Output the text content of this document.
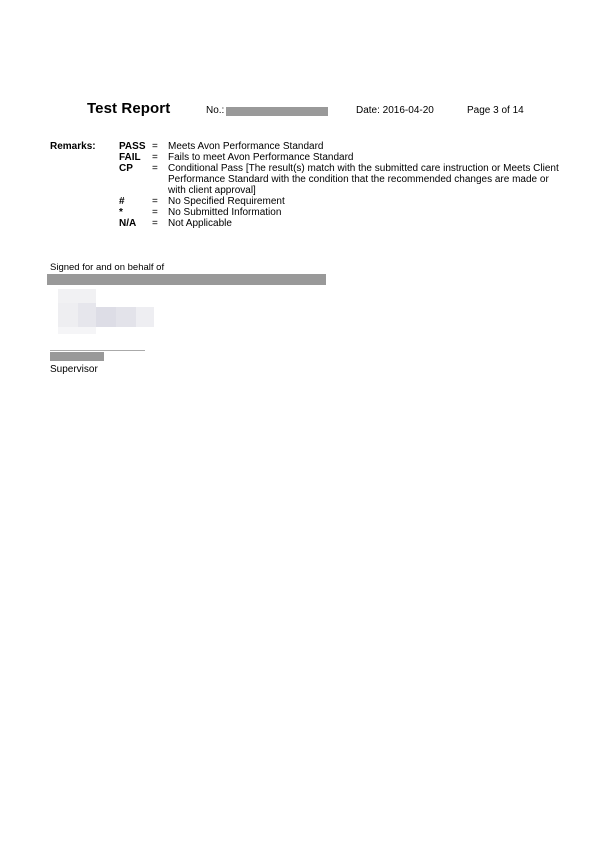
Test Report	No.:	Date: 2016-04-20	Page 3 of 14
Remarks: PASS = Meets Avon Performance Standard
FAIL = Fails to meet Avon Performance Standard
CP = Conditional Pass [The result(s) match with the submitted care instruction or Meets Client Performance Standard with the condition that the recommended changes are made or with client approval]
#	= No Specified Requirement
*	= No Submitted Information
N/A = Not Applicable
Signed for and on behalf of
Supervisor
